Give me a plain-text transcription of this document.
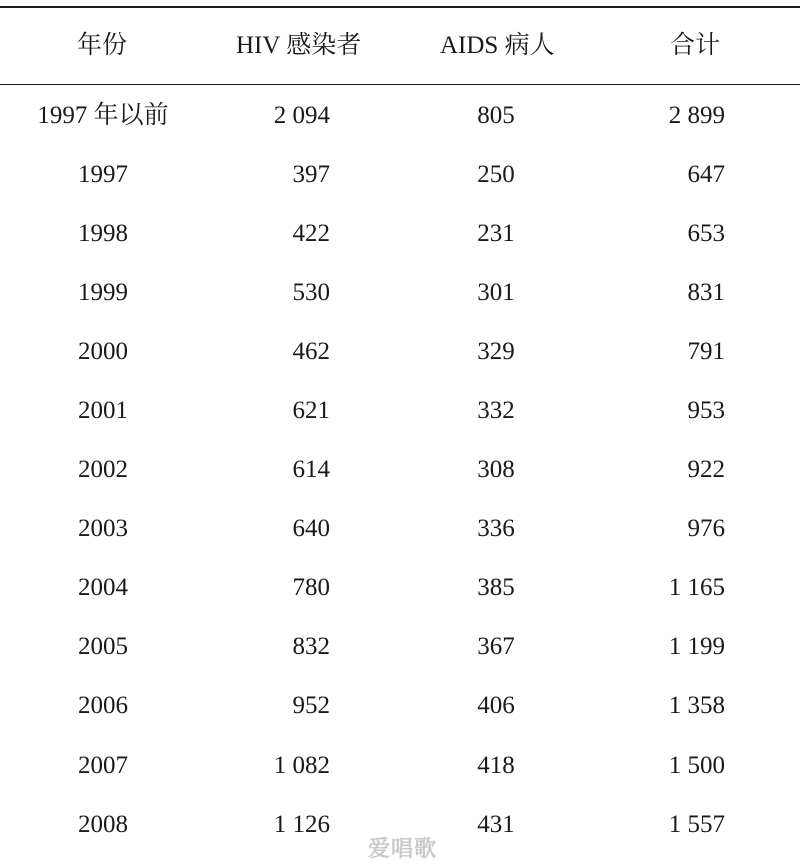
年份	HIV 感染者	AIDS 病人	合计
1997 年以前	2 094	805	2 899
1997	397	250	647
1998	422	231	653
1999	530	301	831
2000	462	329	791
2001	621	332	953
2002	614	308	922
2003	640	336	976
2004	780	385	1 165
2005	832	367	1 199
2006	952	406	1 358
2007	1 082	418	1 500
2008	1 126	431	1 557
爱唱歌
